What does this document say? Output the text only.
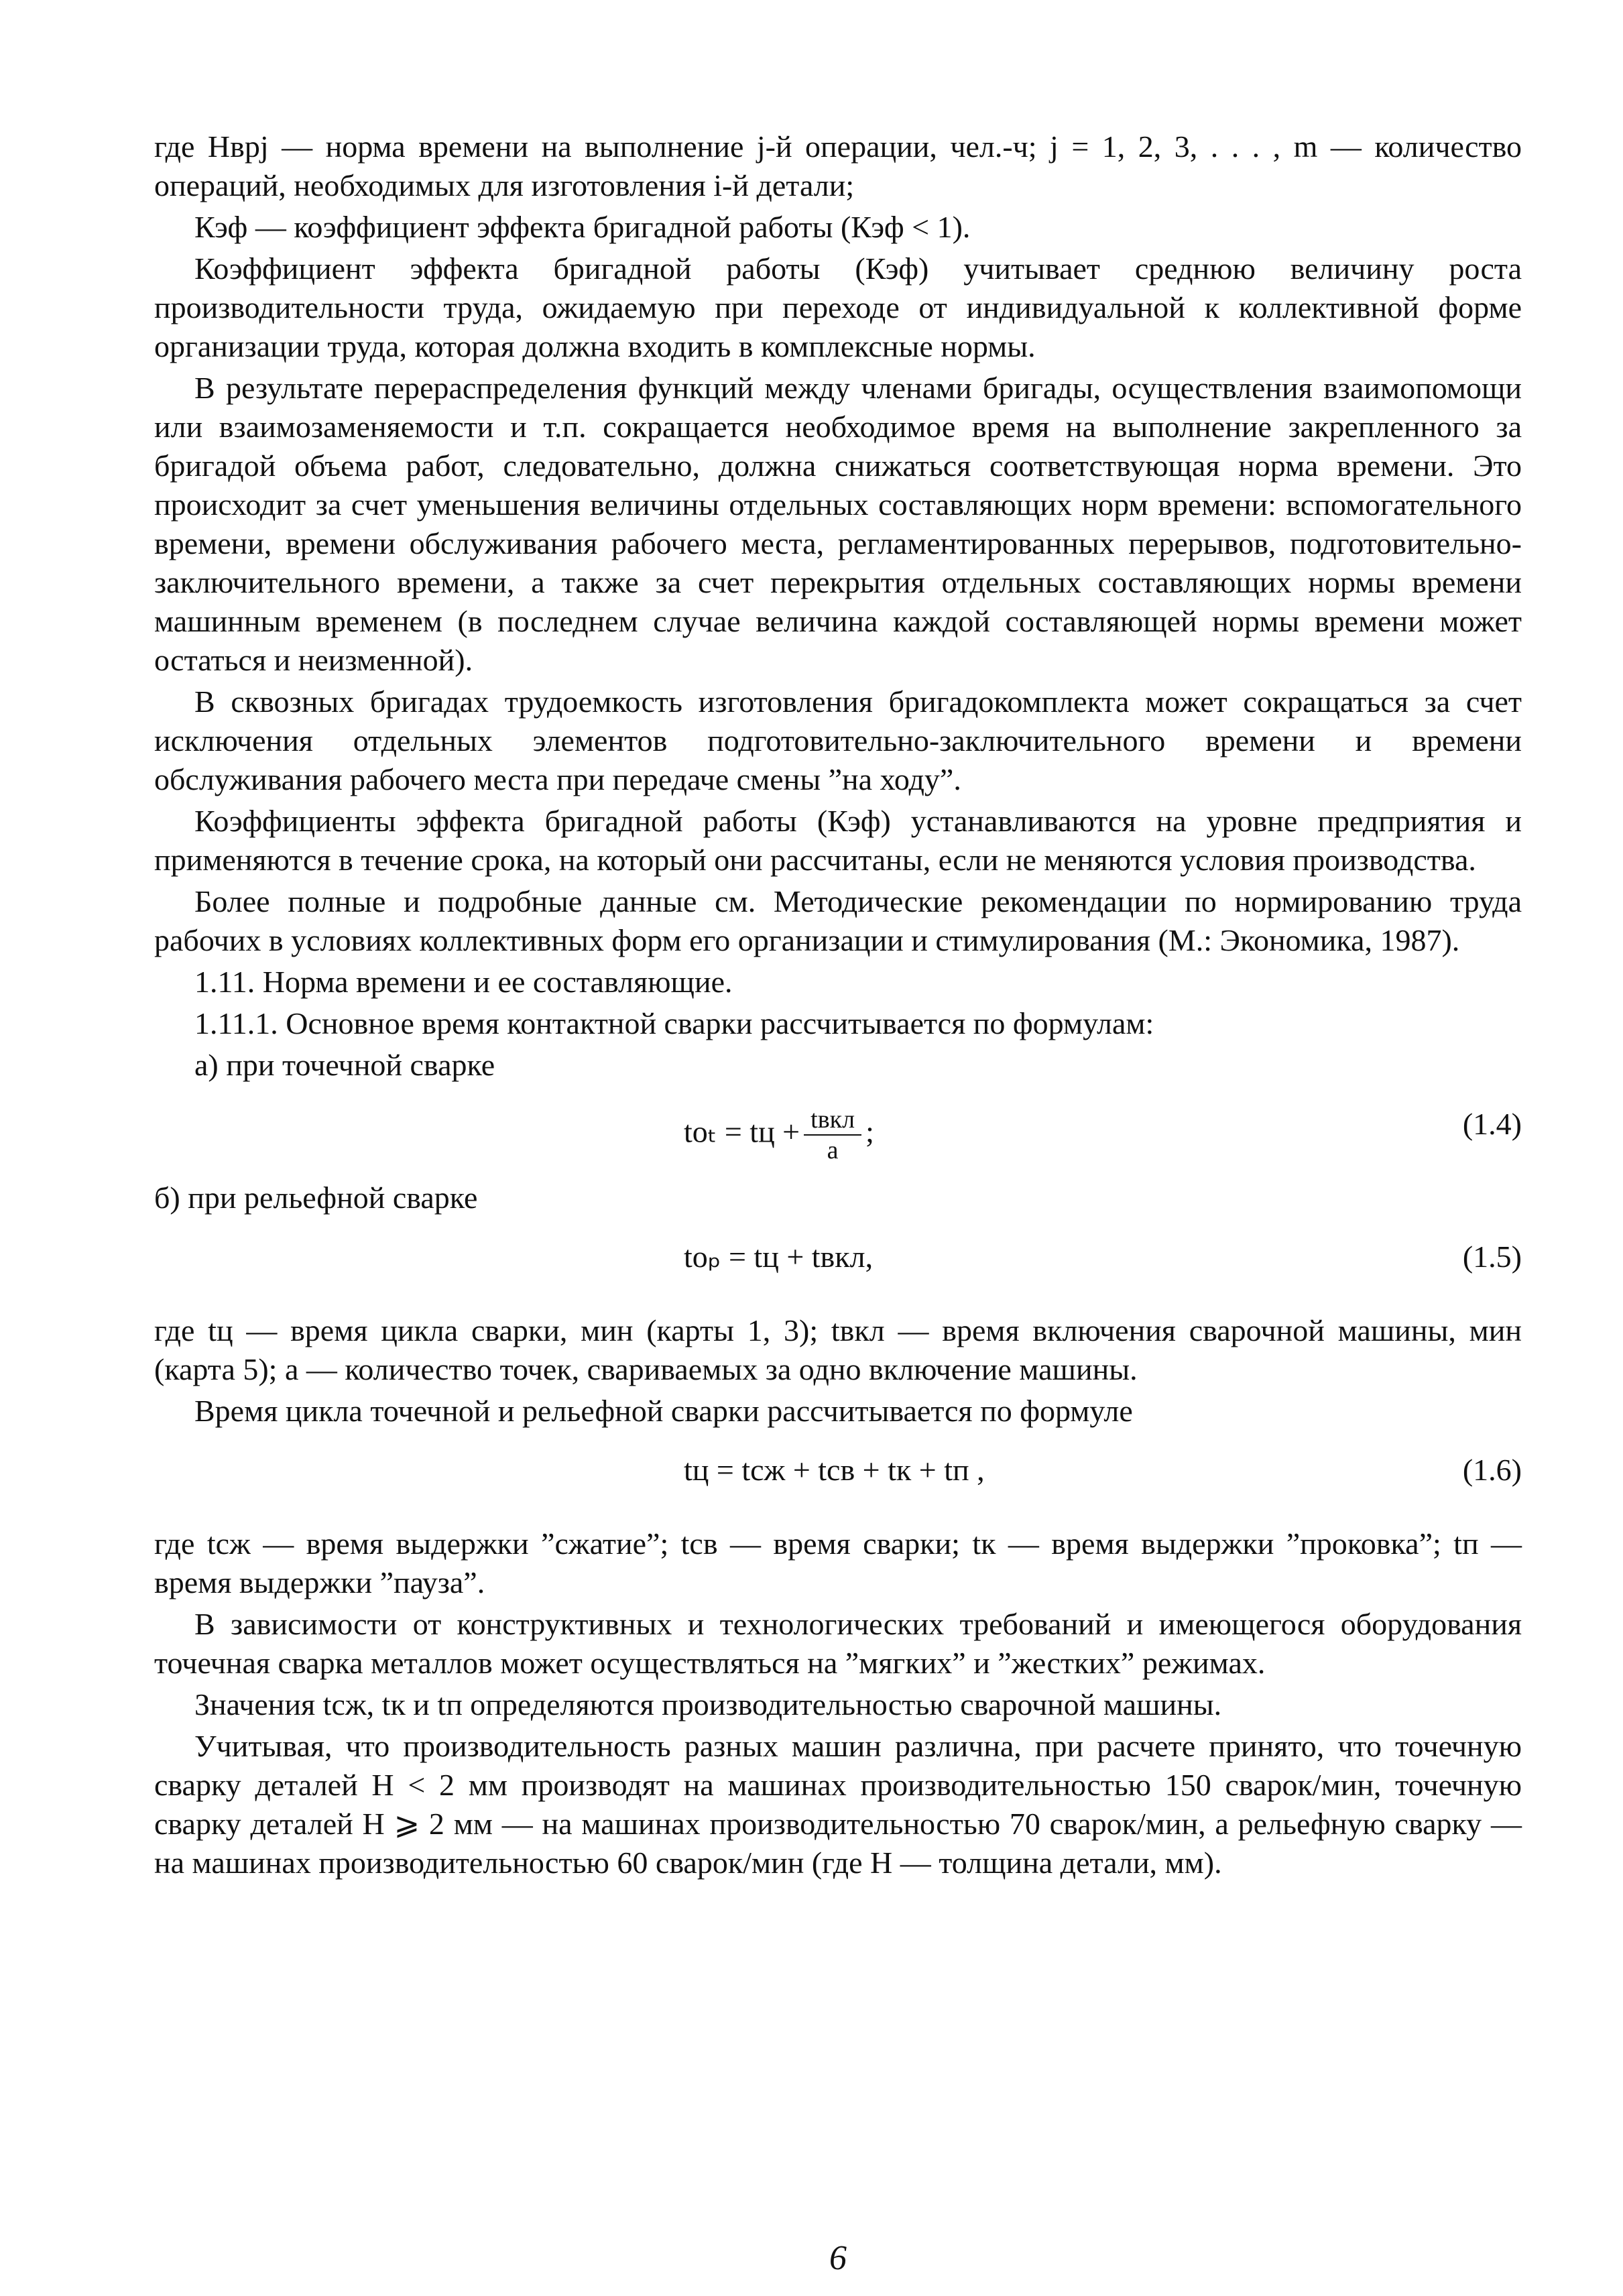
где Hвpj — норма времени на выполнение j-й операции, чел.-ч; j = 1, 2, 3, . . . , m — количество операций, необходимых для изготовления i-й детали;

Кэф — коэффициент эффекта бригадной работы (Кэф < 1).

Коэффициент эффекта бригадной работы (Кэф) учитывает среднюю величину роста производительности труда, ожидаемую при переходе от индивидуальной к коллективной форме организации труда, которая должна входить в комплексные нормы.

В результате перераспределения функций между членами бригады, осуществления взаимопомощи или взаимозаменяемости и т.п. сокращается необходимое время на выполнение закрепленного за бригадой объема работ, следовательно, должна снижаться соответствующая норма времени. Это происходит за счет уменьшения величины отдельных составляющих норм времени: вспомогательного времени, времени обслуживания рабочего места, регламентированных перерывов, подготовительно-заключительного времени, а также за счет перекрытия отдельных составляющих нормы времени машинным временем (в последнем случае величина каждой составляющей нормы времени может остаться и неизменной).

В сквозных бригадах трудоемкость изготовления бригадокомплекта может сокращаться за счет исключения отдельных элементов подготовительно-заключительного времени и времени обслуживания рабочего места при передаче смены ”на ходу”.

Коэффициенты эффекта бригадной работы (Кэф) устанавливаются на уровне предприятия и применяются в течение срока, на который они рассчитаны, если не меняются условия производства.

Более полные и подробные данные см. Методические рекомендации по нормированию труда рабочих в условиях коллективных форм его организации и стимулирования (М.: Экономика, 1987).

1.11. Норма времени и ее составляющие.

1.11.1. Основное время контактной сварки рассчитывается по формулам:

а) при точечной сварке

tоₜ = tц + $\frac{\text{tвкл}}{a}$ ;	(1.4)

б) при рельефной сварке

tоₚ = tц + tвкл,	(1.5)

где tц — время цикла сварки, мин (карты 1, 3); tвкл — время включения сварочной машины, мин (карта 5); а — количество точек, свариваемых за одно включение машины.

Время цикла точечной и рельефной сварки рассчитывается по формуле

tц = tсж + tсв + tк + tп ,	(1.6)

где tсж — время выдержки ”сжатие”; tсв — время сварки; tк — время выдержки ”проковка”; tп — время выдержки ”пауза”.

В зависимости от конструктивных и технологических требований и имеющегося оборудования точечная сварка металлов может осуществляться на ”мягких” и ”жестких” режимах.

Значения tсж, tк и tп определяются производительностью сварочной машины.

Учитывая, что производительность разных машин различна, при расчете принято, что точечную сварку деталей H < 2 мм производят на машинах производительностью 150 сварок/мин, точечную сварку деталей H ⩾ 2 мм — на машинах производительностью 70 сварок/мин, а рельефную сварку — на машинах производительностью 60 сварок/мин (где H — толщина детали, мм).

6
